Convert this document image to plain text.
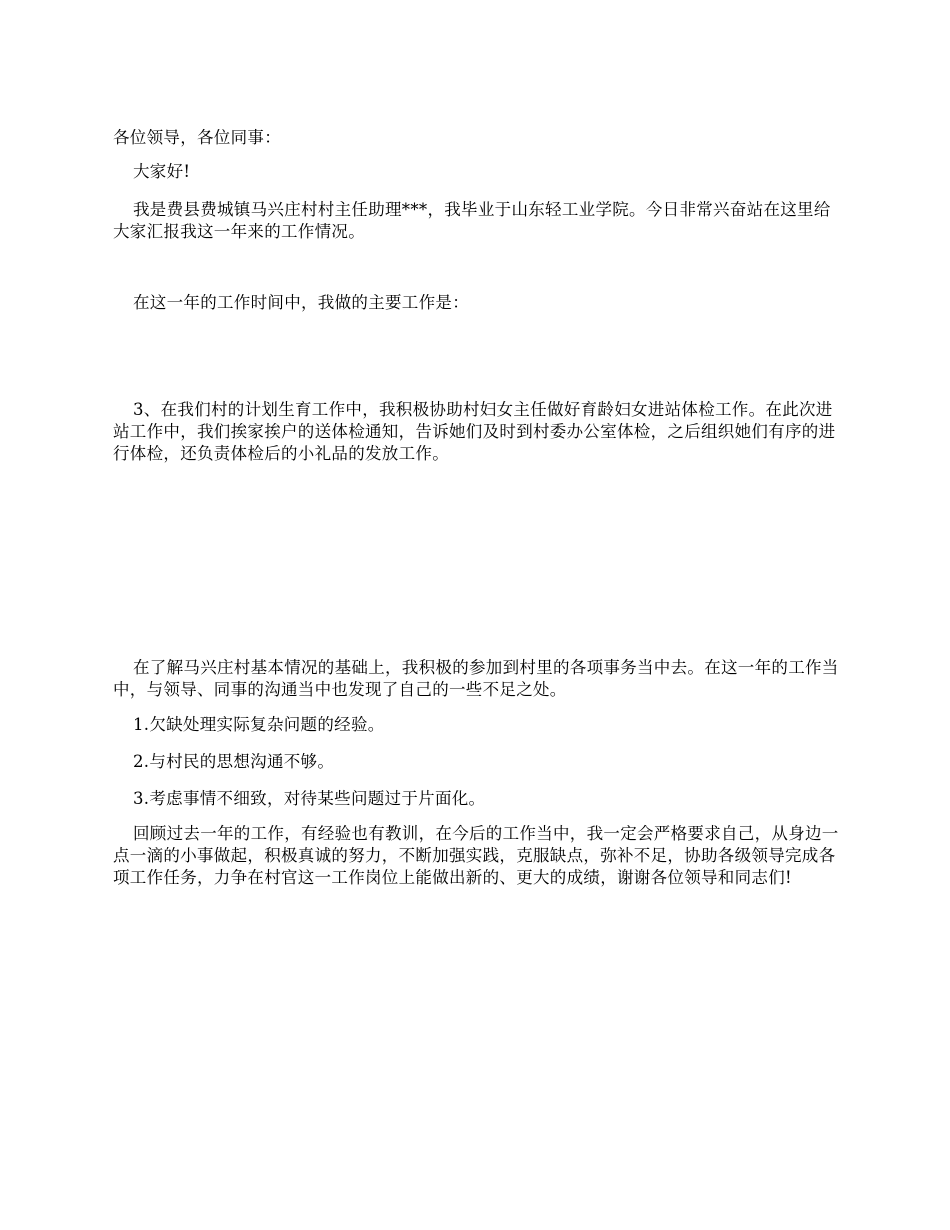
各位领导，各位同事：

大家好!

我是费县费城镇马兴庄村村主任助理***，我毕业于山东轻工业学院。今日非常兴奋站在这里给大家汇报我这一年来的工作情况。

在这一年的工作时间中，我做的主要工作是：

3、在我们村的计划生育工作中，我积极协助村妇女主任做好育龄妇女进站体检工作。在此次进站工作中，我们挨家挨户的送体检通知，告诉她们及时到村委办公室体检，之后组织她们有序的进行体检，还负责体检后的小礼品的发放工作。

在了解马兴庄村基本情况的基础上，我积极的参加到村里的各项事务当中去。在这一年的工作当中，与领导、同事的沟通当中也发现了自己的一些不足之处。

1.欠缺处理实际复杂问题的经验。

2.与村民的思想沟通不够。

3.考虑事情不细致，对待某些问题过于片面化。

回顾过去一年的工作，有经验也有教训，在今后的工作当中，我一定会严格要求自己，从身边一点一滴的小事做起，积极真诚的努力，不断加强实践，克服缺点，弥补不足，协助各级领导完成各项工作任务，力争在村官这一工作岗位上能做出新的、更大的成绩，谢谢各位领导和同志们!
